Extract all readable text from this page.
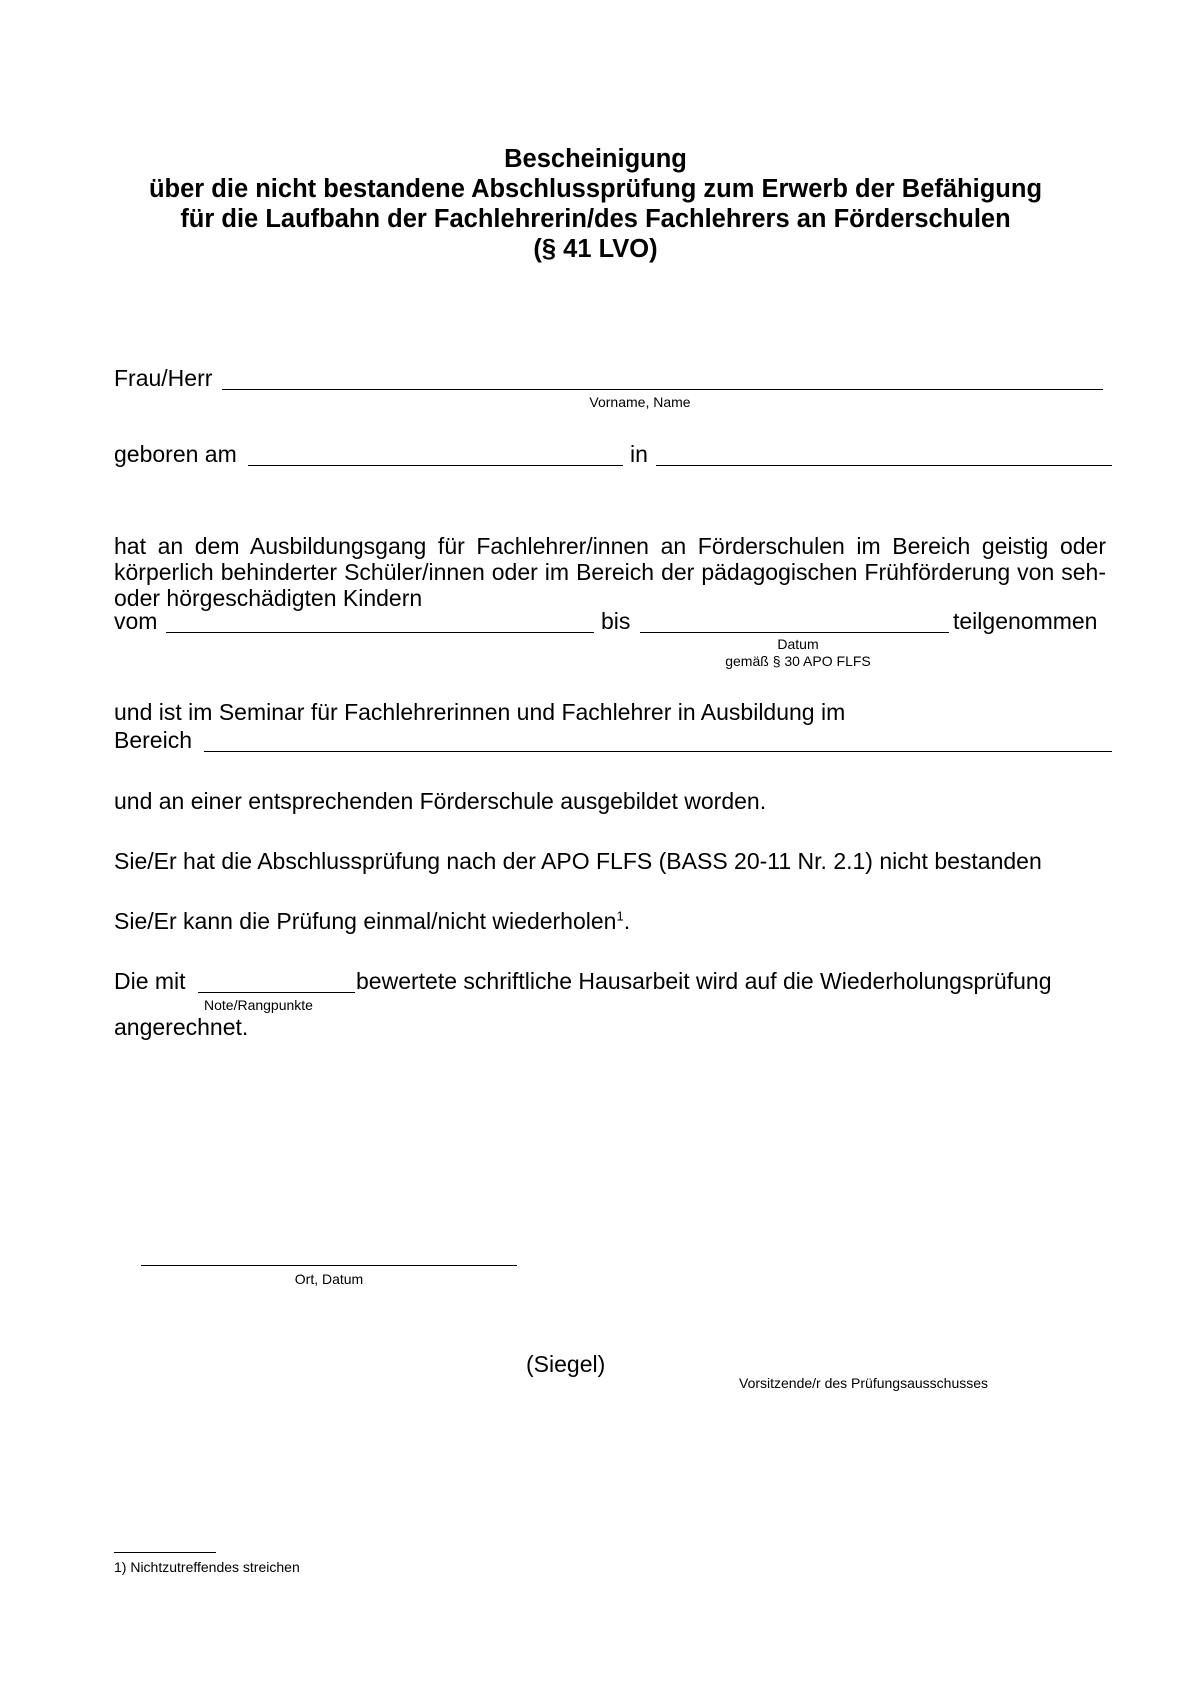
Bescheinigung
über die nicht bestandene Abschlussprüfung zum Erwerb der Befähigung
für die Laufbahn der Fachlehrerin/des Fachlehrers an Förderschulen
(§ 41 LVO)
Frau/Herr
Vorname, Name
geboren am	in
hat an dem Ausbildungsgang für Fachlehrer/innen an Förderschulen im Bereich geistig oder körperlich behinderter Schüler/innen oder im Bereich der pädagogischen Frühförderung von seh- oder hörgeschädigten Kindern
vom	bis	teilgenommen
Datum
gemäß § 30 APO FLFS
und ist im Seminar für Fachlehrerinnen und Fachlehrer in Ausbildung im
Bereich
und an einer entsprechenden Förderschule ausgebildet worden.
Sie/Er hat die Abschlussprüfung nach der APO FLFS (BASS 20-11 Nr. 2.1) nicht bestanden
Sie/Er kann die Prüfung einmal/nicht wiederholen$^1$.
Die mit	bewertete schriftliche Hausarbeit wird auf die Wiederholungsprüfung
Note/Rangpunkte
angerechnet.
Ort, Datum
(Siegel)
Vorsitzende/r des Prüfungsausschusses
1) Nichtzutreffendes streichen
